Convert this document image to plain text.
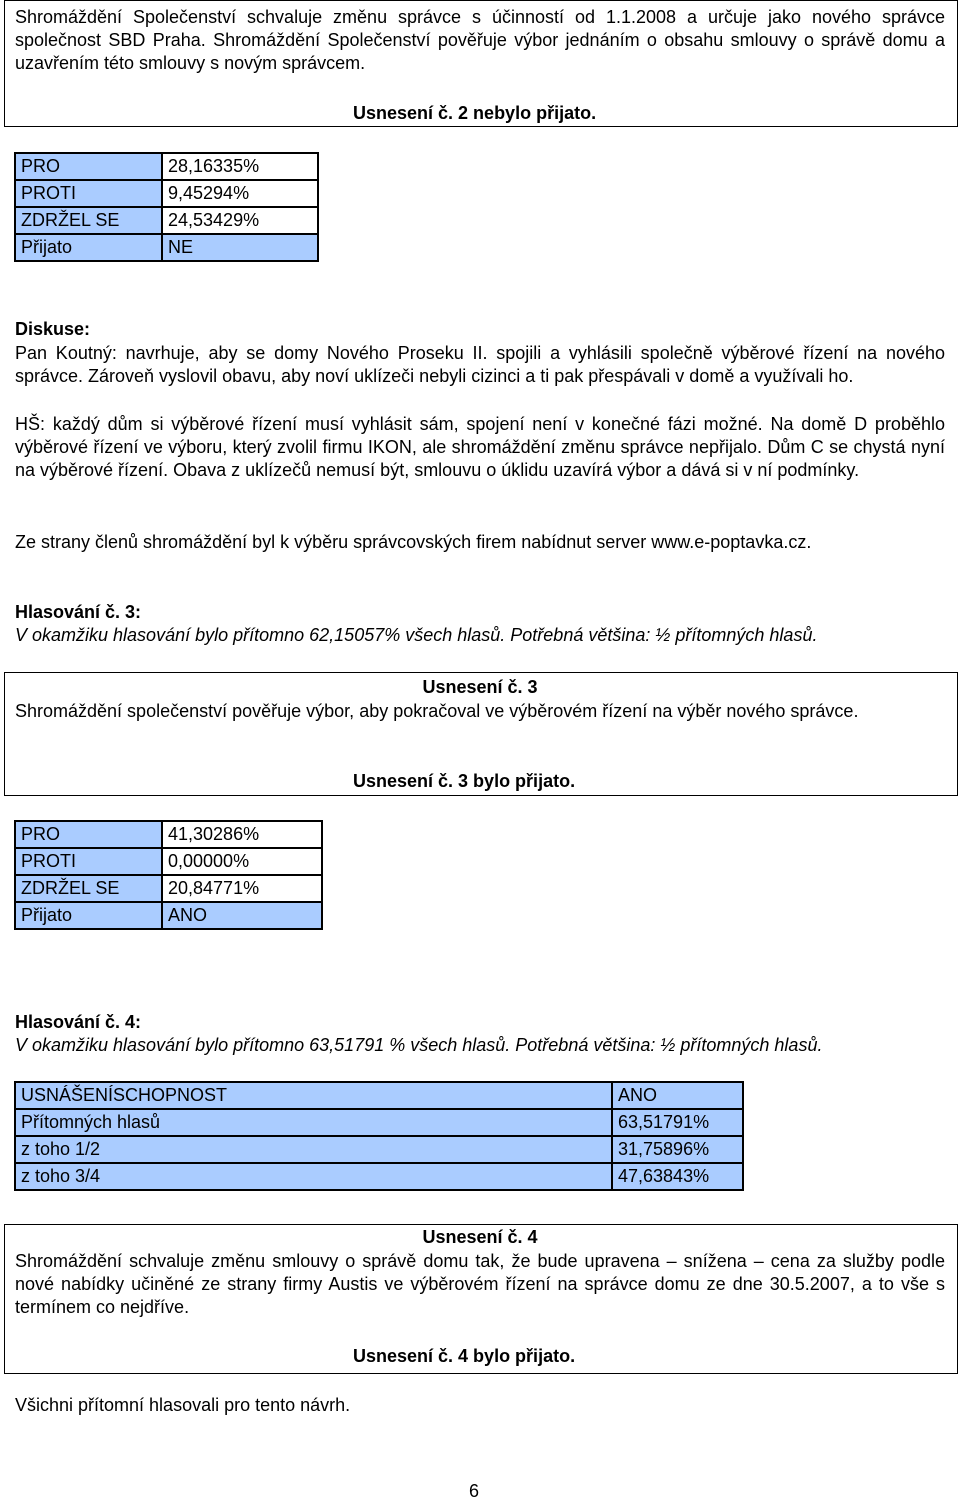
Shromáždění Společenství schvaluje změnu správce s účinností od 1.1.2008 a určuje jako nového správce společnost SBD Praha. Shromáždění Společenství pověřuje výbor jednáním o obsahu smlouvy o správě domu a uzavřením této smlouvy s novým správcem.
Usnesení č. 2 nebylo přijato.
PRO	28,16335%
PROTI	9,45294%
ZDRŽEL SE	24,53429%
Přijato	NE
Diskuse:
Pan Koutný: navrhuje, aby se domy Nového Proseku II. spojili a vyhlásili společně výběrové řízení na nového správce. Zároveň vyslovil obavu, aby noví uklízeči nebyli cizinci a ti pak přespávali v domě a využívali ho.
HŠ: každý dům si výběrové řízení musí vyhlásit sám, spojení není v konečné fázi možné. Na domě D proběhlo výběrové řízení ve výboru, který zvolil firmu IKON, ale shromáždění změnu správce nepřijalo. Dům C se chystá nyní na výběrové řízení. Obava z uklízečů nemusí být, smlouvu o úklidu uzavírá výbor a dává si v ní podmínky.
Ze strany členů shromáždění byl k výběru správcovských firem nabídnut server www.e-poptavka.cz.
Hlasování č. 3:
V okamžiku hlasování bylo přítomno 62,15057% všech hlasů. Potřebná většina: ½ přítomných hlasů.
Usnesení č. 3
Shromáždění společenství pověřuje výbor, aby pokračoval ve výběrovém řízení na výběr nového správce.
Usnesení č. 3 bylo přijato.
PRO	41,30286%
PROTI	0,00000%
ZDRŽEL SE	20,84771%
Přijato	ANO
Hlasování č. 4:
V okamžiku hlasování bylo přítomno 63,51791 % všech hlasů. Potřebná většina: ½ přítomných hlasů.
USNÁŠENÍSCHOPNOST	ANO
Přítomných hlasů	63,51791%
z toho 1/2	31,75896%
z toho 3/4	47,63843%
Usnesení č. 4
Shromáždění schvaluje změnu smlouvy o správě domu tak, že bude upravena – snížena – cena za služby podle nové nabídky učiněné ze strany firmy Austis ve výběrovém řízení na správce domu ze dne 30.5.2007, a to vše s termínem co nejdříve.
Usnesení č. 4 bylo přijato.
Všichni přítomní hlasovali pro tento návrh.
6
